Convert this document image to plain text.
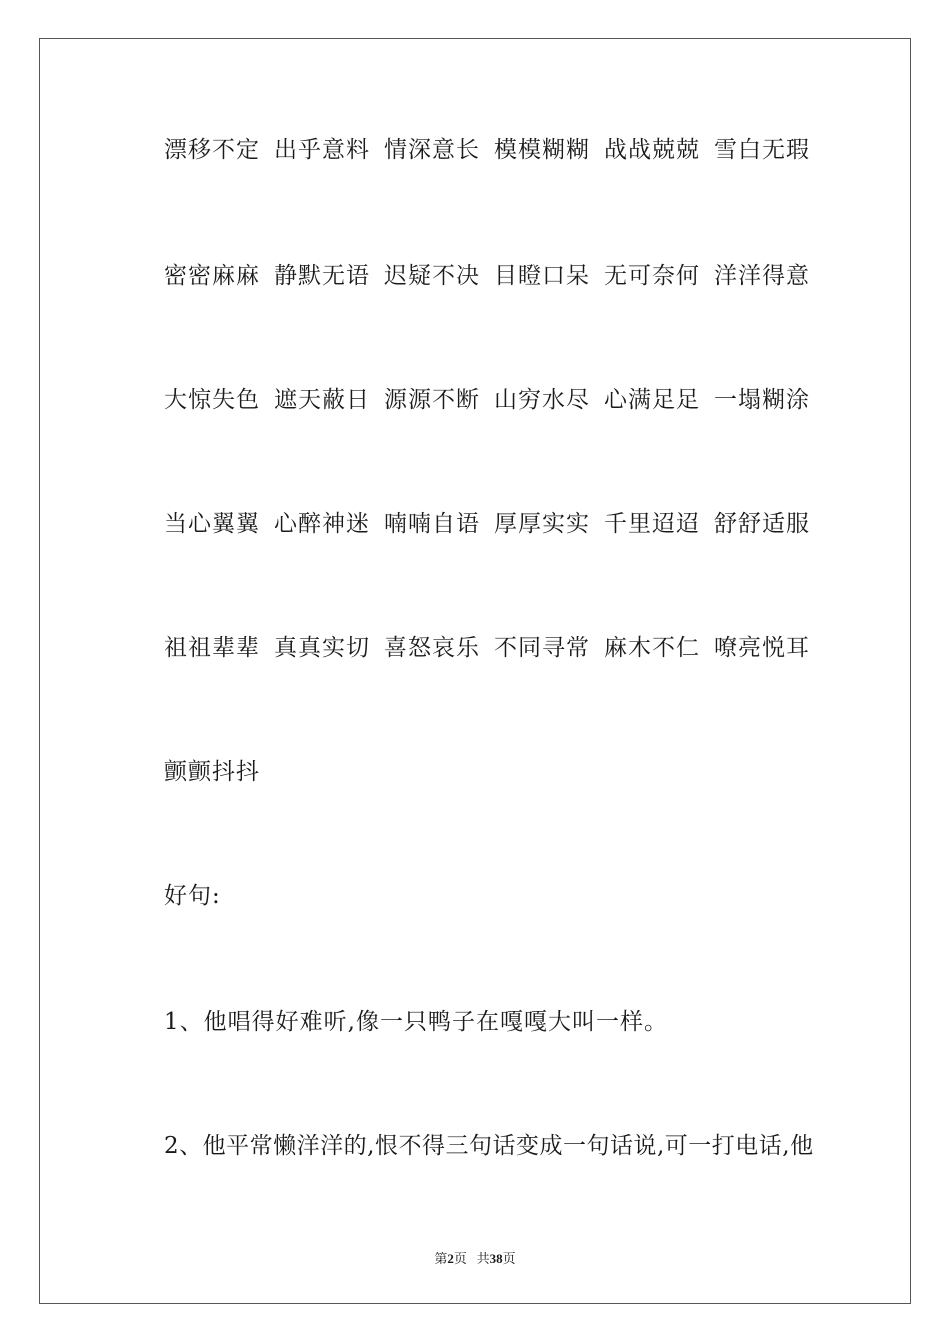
漂移不定 出乎意料 情深意长 模模糊糊 战战兢兢 雪白无瑕
密密麻麻 静默无语 迟疑不决 目瞪口呆 无可奈何 洋洋得意
大惊失色 遮天蔽日 源源不断 山穷水尽 心满足足 一塌糊涂
当心翼翼 心醉神迷 喃喃自语 厚厚实实 千里迢迢 舒舒适服
祖祖辈辈 真真实切 喜怒哀乐 不同寻常 麻木不仁 嘹亮悦耳
颤颤抖抖
好句:
1、他唱得好难听,像一只鸭子在嘎嘎大叫一样。
2、他平常懒洋洋的,恨不得三句话变成一句话说,可一打电话,他
第2页 共38页
